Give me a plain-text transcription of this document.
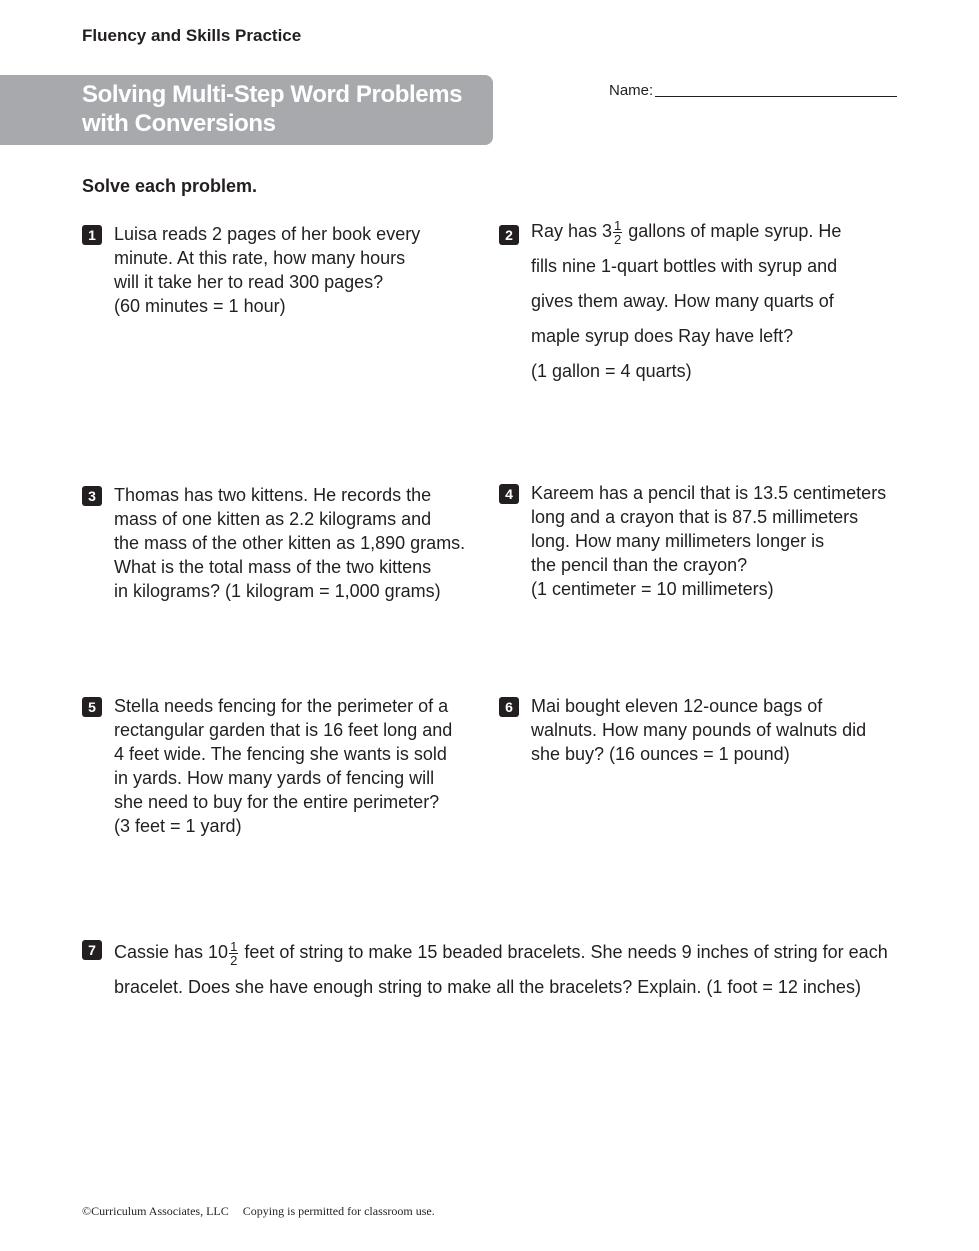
Fluency and Skills Practice
Solving Multi-Step Word Problems
with Conversions
Name:
Solve each problem.
1	Luisa reads 2 pages of her book every
minute. At this rate, how many hours
will it take her to read 300 pages?
(60 minutes = 1 hour)
2	Ray has $3 \frac{1}{2}$ gallons of maple syrup. He
fills nine 1-quart bottles with syrup and
gives them away. How many quarts of
maple syrup does Ray have left?
(1 gallon = 4 quarts)
3	Thomas has two kittens. He records the
mass of one kitten as 2.2 kilograms and
the mass of the other kitten as 1,890 grams.
What is the total mass of the two kittens
in kilograms? (1 kilogram = 1,000 grams)
4	Kareem has a pencil that is 13.5 centimeters
long and a crayon that is 87.5 millimeters
long. How many millimeters longer is
the pencil than the crayon?
(1 centimeter = 10 millimeters)
5	Stella needs fencing for the perimeter of a
rectangular garden that is 16 feet long and
4 feet wide. The fencing she wants is sold
in yards. How many yards of fencing will
she need to buy for the entire perimeter?
(3 feet = 1 yard)
6	Mai bought eleven 12-ounce bags of
walnuts. How many pounds of walnuts did
she buy? (16 ounces = 1 pound)
7	Cassie has $10 \frac{1}{2}$ feet of string to make 15 beaded bracelets. She needs 9 inches of string for each
bracelet. Does she have enough string to make all the bracelets? Explain. (1 foot = 12 inches)
©Curriculum Associates, LLC Copying is permitted for classroom use.
